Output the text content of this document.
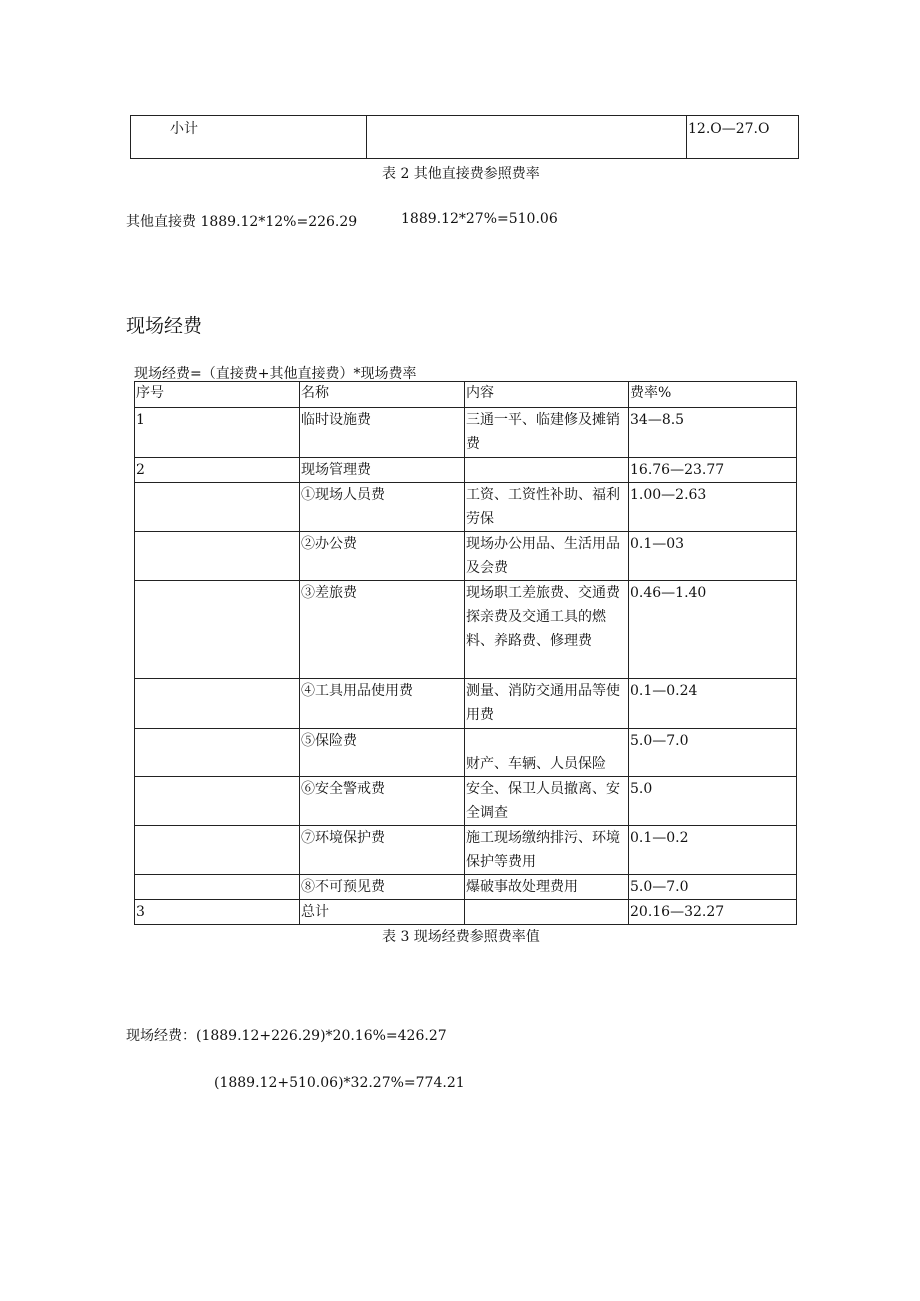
小计		12.O—27.O
表 2 其他直接费参照费率
其他直接费 1889.12*12%=226.29	1889.12*27%=510.06
现场经费
现场经费=（直接费+其他直接费）*现场费率
序号	名称	内容	费率%
1	临时设施费	三通一平、临建修及摊销费	34—8.5
2	现场管理费		16.76—23.77
	①现场人员费	工资、工资性补助、福利劳保	1.00—2.63
	②办公费	现场办公用品、生活用品及会费	0.1—03
	③差旅费	现场职工差旅费、交通费探亲费及交通工具的燃料、养路费、修理费	0.46—1.40
	④工具用品使用费	测量、消防交通用品等使用费	0.1—0.24
	⑤保险费	财产、车辆、人员保险	5.0—7.0
	⑥安全警戒费	安全、保卫人员撤离、安全调查	5.0
	⑦环境保护费	施工现场缴纳排污、环境保护等费用	0.1—0.2
	⑧不可预见费	爆破事故处理费用	5.0—7.0
3	总计		20.16—32.27
表 3 现场经费参照费率值
现场经费：(1889.12+226.29)*20.16%=426.27
(1889.12+510.06)*32.27%=774.21
